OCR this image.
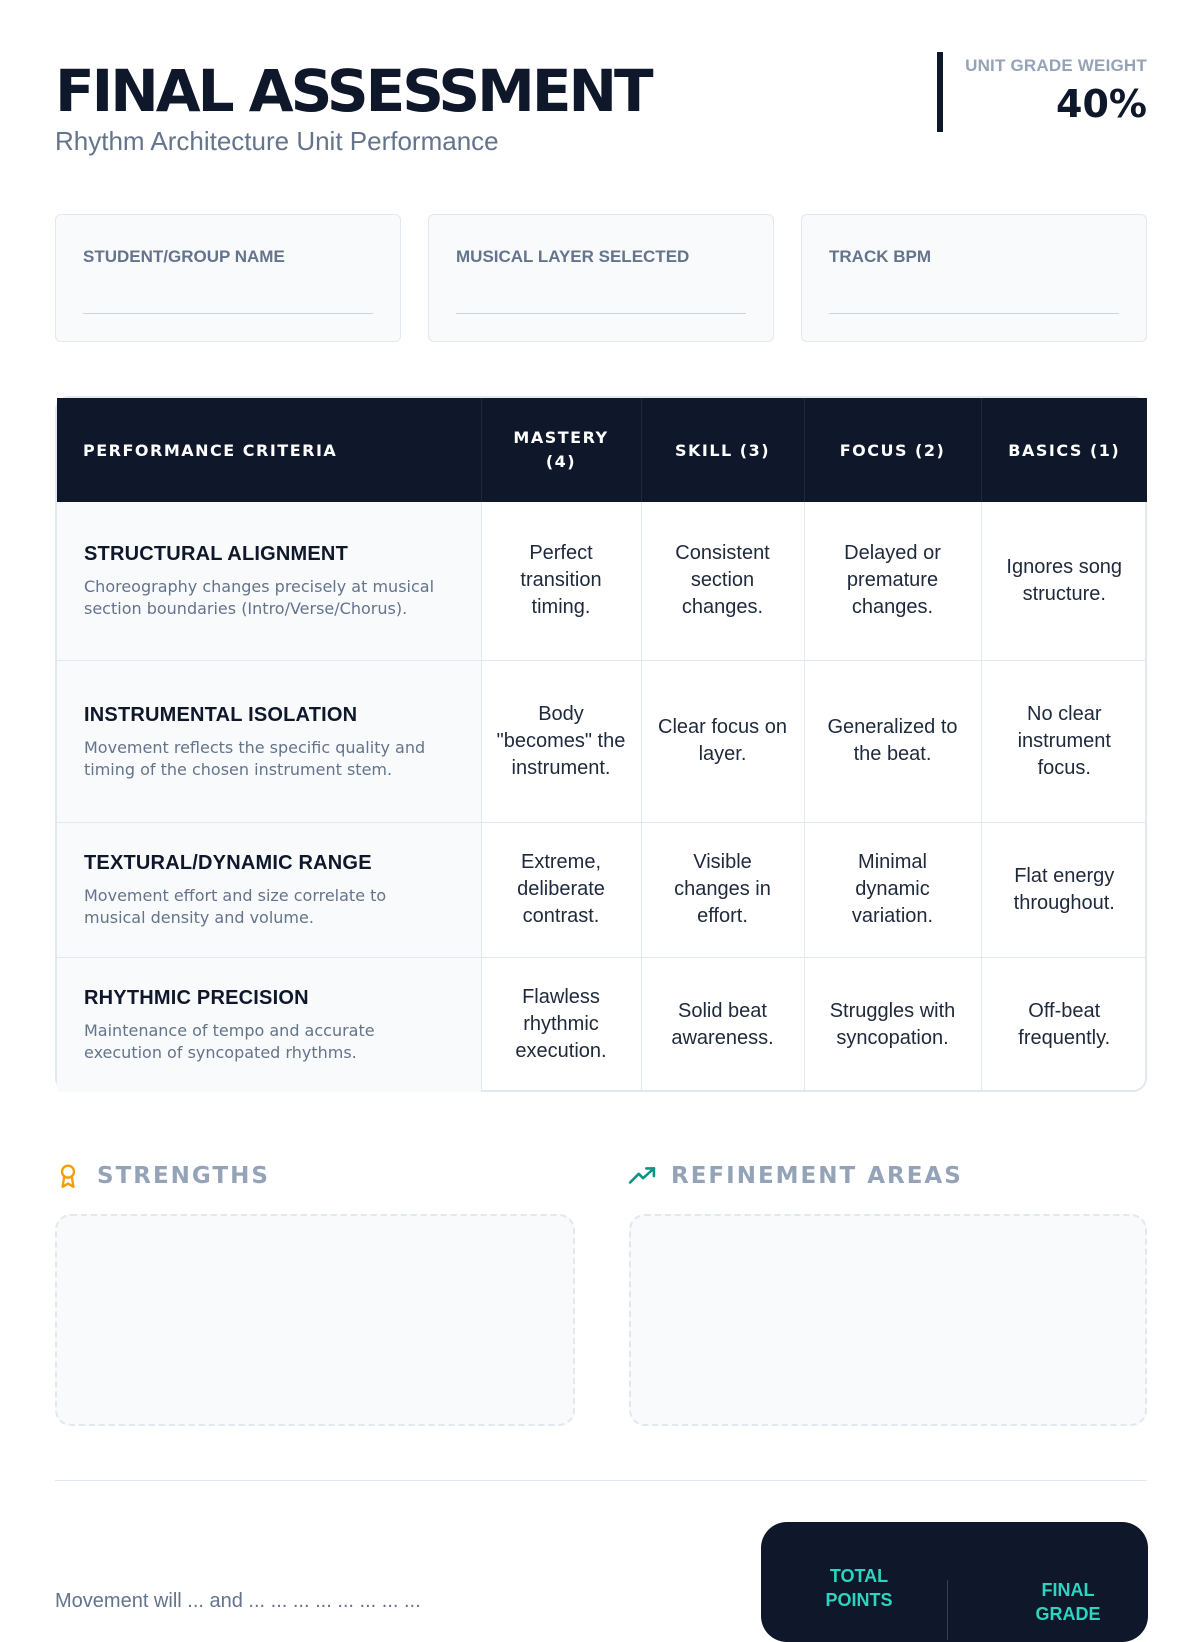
FINAL ASSESSMENT
Rhythm Architecture Unit Performance
UNIT GRADE WEIGHT
40%
STUDENT/GROUP NAME	MUSICAL LAYER SELECTED	TRACK BPM
PERFORMANCE CRITERIA	MASTERY (4)	SKILL (3)	FOCUS (2)	BASICS (1)

STRUCTURAL ALIGNMENT
Choreography changes precisely at musical section boundaries (Intro/Verse/Chorus).	Perfect transition timing.	Consistent section changes.	Delayed or premature changes.	Ignores song structure.

INSTRUMENTAL ISOLATION
Movement reflects the specific quality and timing of the chosen instrument stem.	Body "becomes" the instrument.	Clear focus on layer.	Generalized to the beat.	No clear instrument focus.

TEXTURAL/DYNAMIC RANGE
Movement effort and size correlate to musical density and volume.	Extreme, deliberate contrast.	Visible changes in effort.	Minimal dynamic variation.	Flat energy throughout.

RHYTHMIC PRECISION
Maintenance of tempo and accurate execution of syncopated rhythms.	Flawless rhythmic execution.	Solid beat awareness.	Struggles with syncopation.	Off-beat frequently.
STRENGTHS	REFINEMENT AREAS
TOTAL POINTS	FINAL GRADE
Movement will ... and ... ... ... ... ... ... ... ...
